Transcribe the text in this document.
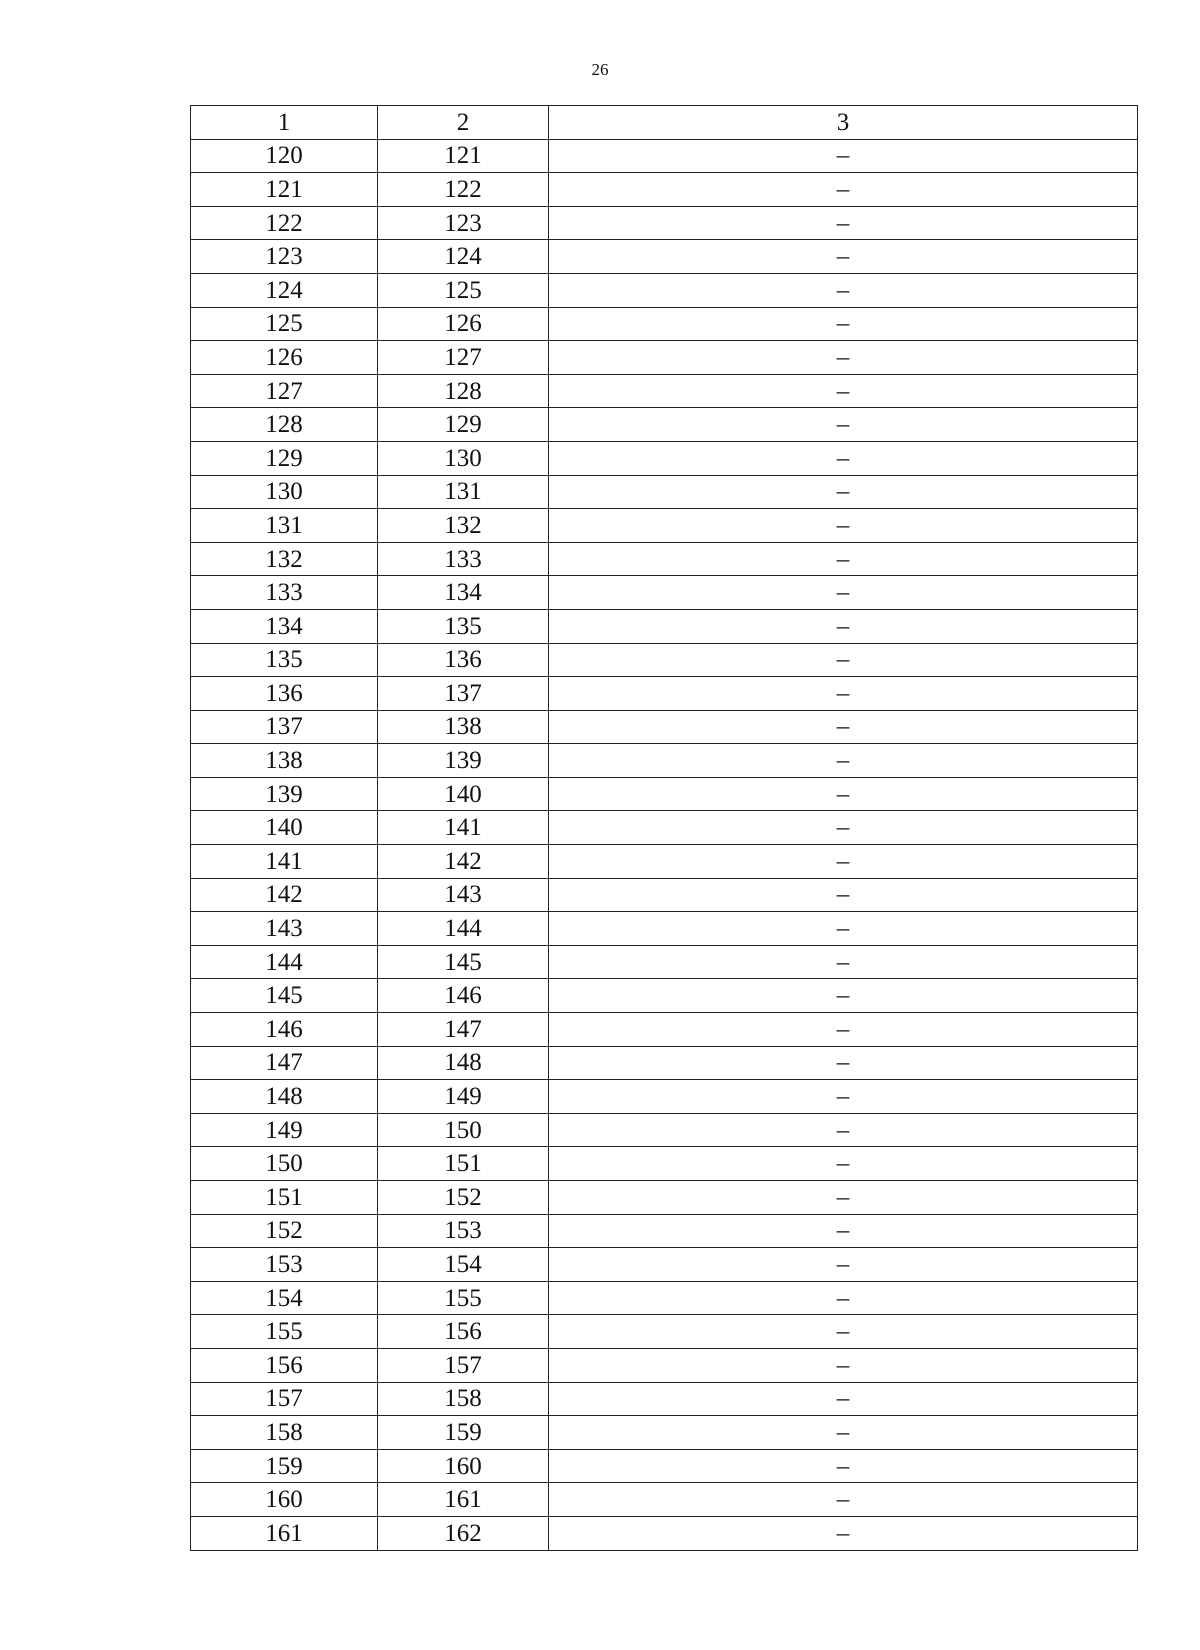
26
1	2	3
120	121	–
121	122	–
122	123	–
123	124	–
124	125	–
125	126	–
126	127	–
127	128	–
128	129	–
129	130	–
130	131	–
131	132	–
132	133	–
133	134	–
134	135	–
135	136	–
136	137	–
137	138	–
138	139	–
139	140	–
140	141	–
141	142	–
142	143	–
143	144	–
144	145	–
145	146	–
146	147	–
147	148	–
148	149	–
149	150	–
150	151	–
151	152	–
152	153	–
153	154	–
154	155	–
155	156	–
156	157	–
157	158	–
158	159	–
159	160	–
160	161	–
161	162	–
